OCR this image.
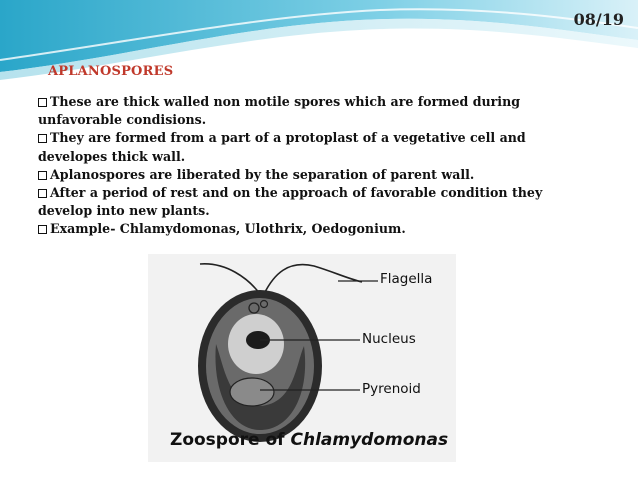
08/19
APLANOSPORES
These are thick walled non motile spores which are formed during unfavorable condisions.
They are formed from a part of a protoplast of a vegetative cell and developes thick wall.
Aplanospores are liberated by the separation of parent wall.
After a period of rest and on the approach of favorable condition they develop into new plants.
Example- Chlamydomonas, Ulothrix, Oedogonium.
Flagella
Nucleus
Pyrenoid
Zoospore of Chlamydomonas
